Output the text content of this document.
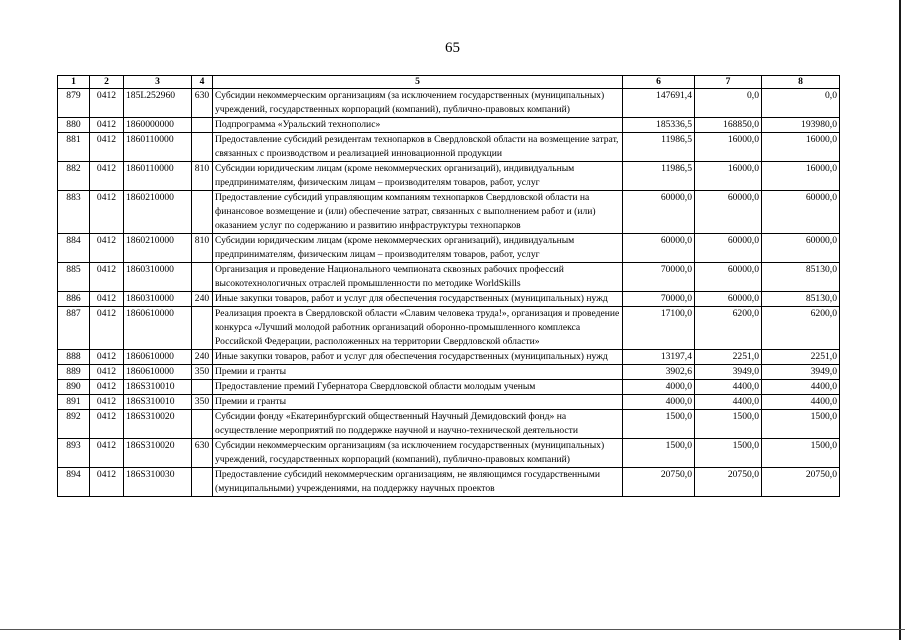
65
1	2	3	4	5	6	7	8
879	0412	185L252960	630	Субсидии некоммерческим организациям (за исключением государственных (муниципальных) учреждений, государственных корпораций (компаний), публично-правовых компаний)	147691,4	0,0	0,0
880	0412	1860000000		Подпрограмма «Уральский технополис»	185336,5	168850,0	193980,0
881	0412	1860110000		Предоставление субсидий резидентам технопарков в Свердловской области на возмещение затрат, связанных с производством и реализацией инновационной продукции	11986,5	16000,0	16000,0
882	0412	1860110000	810	Субсидии юридическим лицам (кроме некоммерческих организаций), индивидуальным предпринимателям, физическим лицам – производителям товаров, работ, услуг	11986,5	16000,0	16000,0
883	0412	1860210000		Предоставление субсидий управляющим компаниям технопарков Свердловской области на финансовое возмещение и (или) обеспечение затрат, связанных с выполнением работ и (или) оказанием услуг по содержанию и развитию инфраструктуры технопарков	60000,0	60000,0	60000,0
884	0412	1860210000	810	Субсидии юридическим лицам (кроме некоммерческих организаций), индивидуальным предпринимателям, физическим лицам – производителям товаров, работ, услуг	60000,0	60000,0	60000,0
885	0412	1860310000		Организация и проведение Национального чемпионата сквозных рабочих профессий высокотехнологичных отраслей промышленности по методике WorldSkills	70000,0	60000,0	85130,0
886	0412	1860310000	240	Иные закупки товаров, работ и услуг для обеспечения государственных (муниципальных) нужд	70000,0	60000,0	85130,0
887	0412	1860610000		Реализация проекта в Свердловской области «Славим человека труда!», организация и проведение конкурса «Лучший молодой работник организаций оборонно-промышленного комплекса Российской Федерации, расположенных на территории Свердловской области»	17100,0	6200,0	6200,0
888	0412	1860610000	240	Иные закупки товаров, работ и услуг для обеспечения государственных (муниципальных) нужд	13197,4	2251,0	2251,0
889	0412	1860610000	350	Премии и гранты	3902,6	3949,0	3949,0
890	0412	186S310010		Предоставление премий Губернатора Свердловской области молодым ученым	4000,0	4400,0	4400,0
891	0412	186S310010	350	Премии и гранты	4000,0	4400,0	4400,0
892	0412	186S310020		Субсидии фонду «Екатеринбургский общественный Научный Демидовский фонд» на осуществление мероприятий по поддержке научной и научно-технической деятельности	1500,0	1500,0	1500,0
893	0412	186S310020	630	Субсидии некоммерческим организациям (за исключением государственных (муниципальных) учреждений, государственных корпораций (компаний), публично-правовых компаний)	1500,0	1500,0	1500,0
894	0412	186S310030		Предоставление субсидий некоммерческим организациям, не являющимся государственными (муниципальными) учреждениями, на поддержку научных проектов	20750,0	20750,0	20750,0
